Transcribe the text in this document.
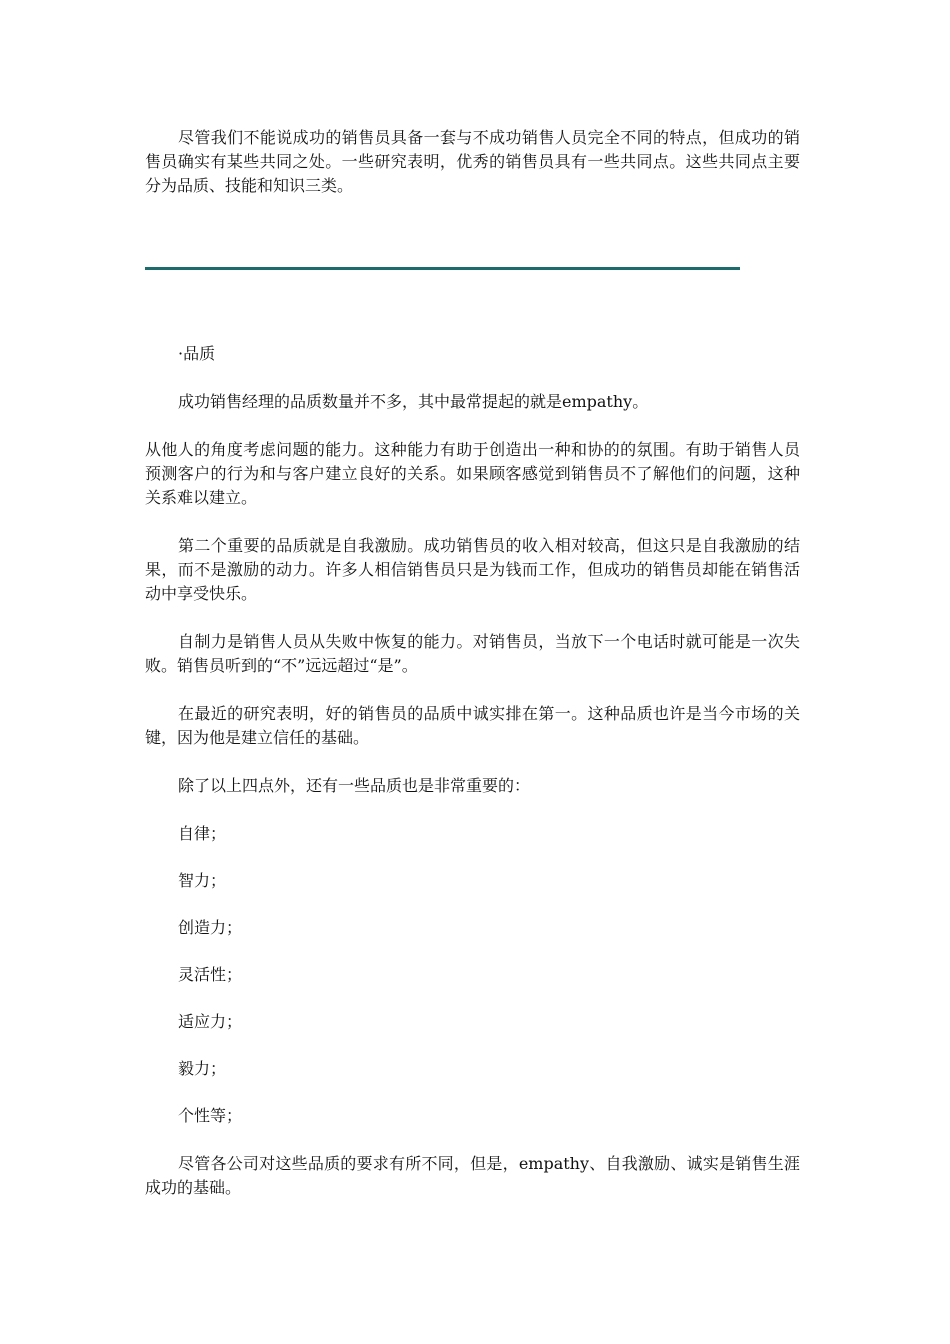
尽管我们不能说成功的销售员具备一套与不成功销售人员完全不同的特点，但成功的销售员确实有某些共同之处。一些研究表明，优秀的销售员具有一些共同点。这些共同点主要分为品质、技能和知识三类。

·品质

成功销售经理的品质数量并不多，其中最常提起的就是empathy。

从他人的角度考虑问题的能力。这种能力有助于创造出一种和协的的氛围。有助于销售人员预测客户的行为和与客户建立良好的关系。如果顾客感觉到销售员不了解他们的问题，这种关系难以建立。

第二个重要的品质就是自我激励。成功销售员的收入相对较高，但这只是自我激励的结果，而不是激励的动力。许多人相信销售员只是为钱而工作，但成功的销售员却能在销售活动中享受快乐。

自制力是销售人员从失败中恢复的能力。对销售员，当放下一个电话时就可能是一次失败。销售员听到的“不”远远超过“是”。

在最近的研究表明，好的销售员的品质中诚实排在第一。这种品质也许是当今市场的关键，因为他是建立信任的基础。

除了以上四点外，还有一些品质也是非常重要的：

自律；

智力；

创造力；

灵活性；

适应力；

毅力；

个性等；

尽管各公司对这些品质的要求有所不同，但是，empathy、自我激励、诚实是销售生涯成功的基础。
